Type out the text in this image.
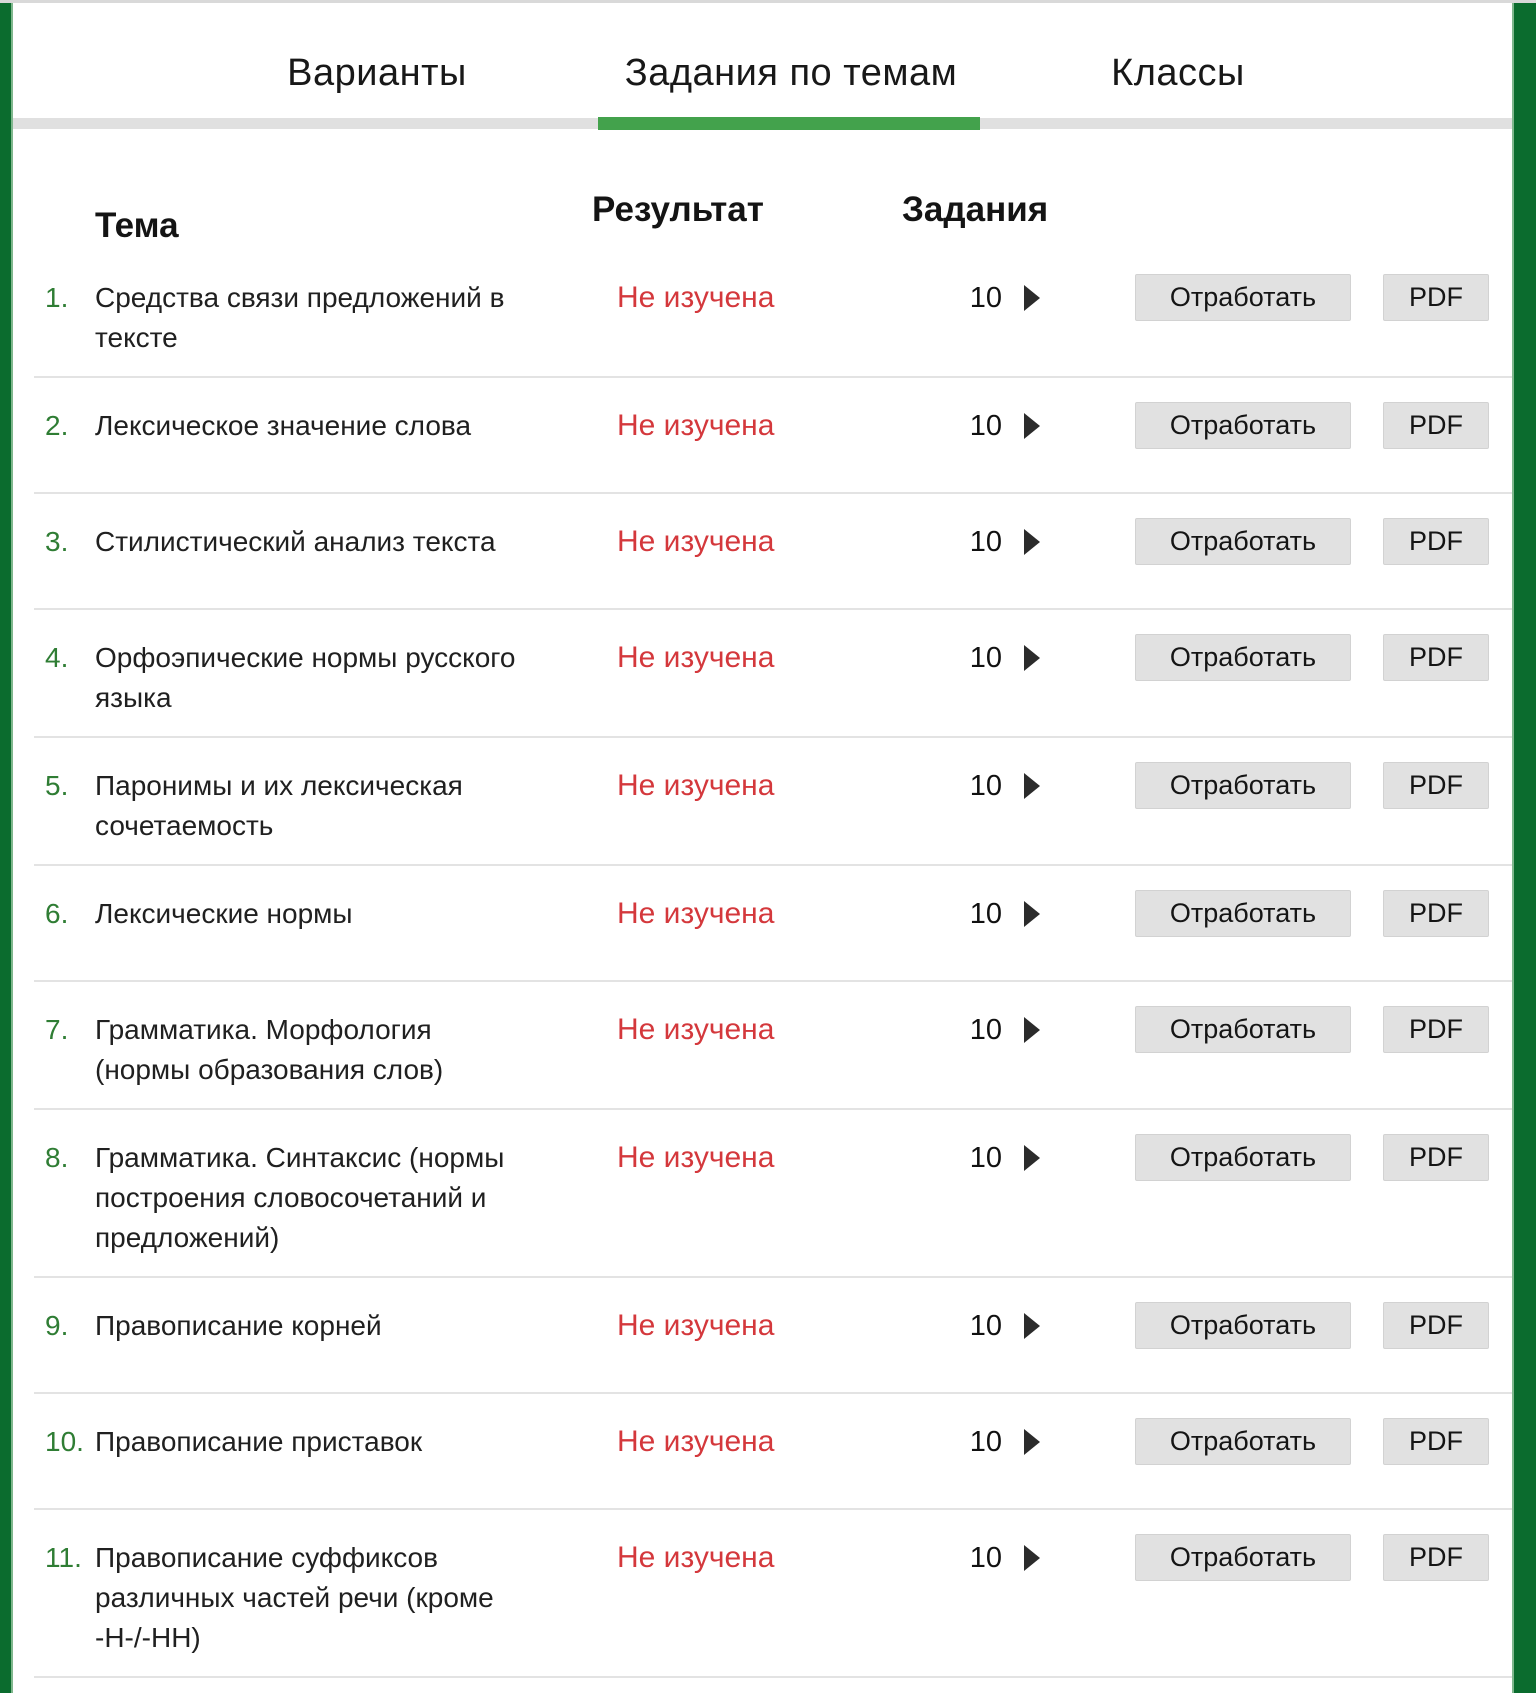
Варианты	Задания по темам	Классы
Тема	Результат	Задания
1. Средства связи предложений в тексте
Не изучена	10	Отработать	PDF
2. Лексическое значение слова	Не изучена	10	Отработать	PDF
3. Стилистический анализ текста	Не изучена	10	Отработать	PDF
4. Орфоэпические нормы русского языка
Не изучена	10	Отработать	PDF
5. Паронимы и их лексическая сочетаемость
Не изучена	10	Отработать	PDF
6. Лексические нормы	Не изучена	10	Отработать	PDF
7. Грамматика. Морфология (нормы образования слов)
Не изучена	10	Отработать	PDF
8. Грамматика. Синтаксис (нормы построения словосочетаний и предложений)
Не изучена	10	Отработать	PDF
9. Правописание корней	Не изучена	10	Отработать	PDF
10. Правописание приставок	Не изучена	10	Отработать	PDF
11. Правописание суффиксов различных частей речи (кроме -Н-/-НН)
Не изучена	10	Отработать	PDF
